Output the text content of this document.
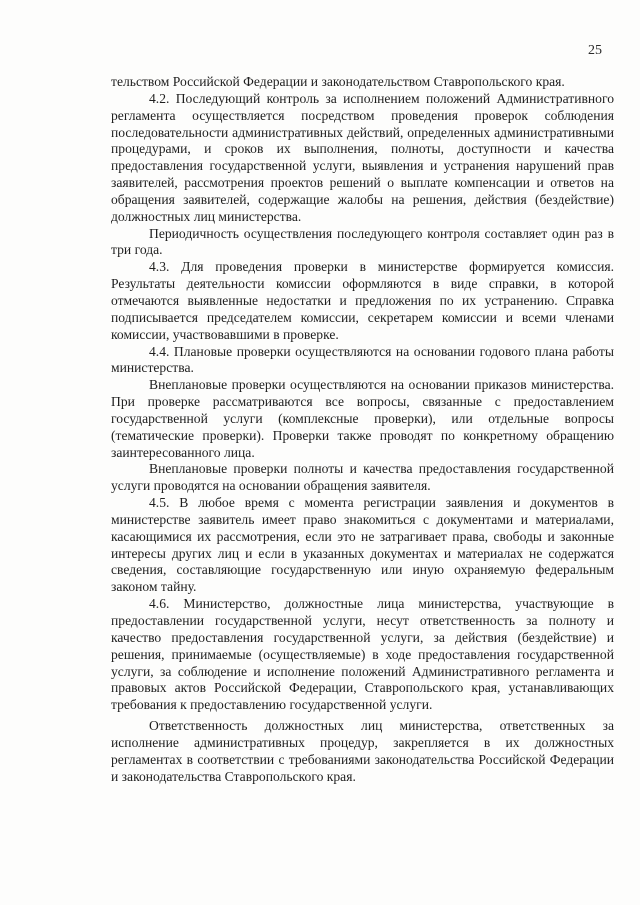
25

тельством Российской Федерации и законодательством Ставропольского края.

4.2. Последующий контроль за исполнением положений Административного регламента осуществляется посредством проведения проверок соблюдения последовательности административных действий, определенных административными процедурами, и сроков их выполнения, полноты, доступности и качества предоставления государственной услуги, выявления и устранения нарушений прав заявителей, рассмотрения проектов решений о выплате компенсации и ответов на обращения заявителей, содержащие жалобы на решения, действия (бездействие) должностных лиц министерства.

Периодичность осуществления последующего контроля составляет один раз в три года.

4.3. Для проведения проверки в министерстве формируется комиссия. Результаты деятельности комиссии оформляются в виде справки, в которой отмечаются выявленные недостатки и предложения по их устранению. Справка подписывается председателем комиссии, секретарем комиссии и всеми членами комиссии, участвовавшими в проверке.

4.4. Плановые проверки осуществляются на основании годового плана работы министерства.

Внеплановые проверки осуществляются на основании приказов министерства. При проверке рассматриваются все вопросы, связанные с предоставлением государственной услуги (комплексные проверки), или отдельные вопросы (тематические проверки). Проверки также проводят по конкретному обращению заинтересованного лица.

Внеплановые проверки полноты и качества предоставления государственной услуги проводятся на основании обращения заявителя.

4.5. В любое время с момента регистрации заявления и документов в министерстве заявитель имеет право знакомиться с документами и материалами, касающимися их рассмотрения, если это не затрагивает права, свободы и законные интересы других лиц и если в указанных документах и материалах не содержатся сведения, составляющие государственную или иную охраняемую федеральным законом тайну.

4.6. Министерство, должностные лица министерства, участвующие в предоставлении государственной услуги, несут ответственность за полноту и качество предоставления государственной услуги, за действия (бездействие) и решения, принимаемые (осуществляемые) в ходе предоставления государственной услуги, за соблюдение и исполнение положений Административного регламента и правовых актов Российской Федерации, Ставропольского края, устанавливающих требования к предоставлению государственной услуги.

Ответственность должностных лиц министерства, ответственных за исполнение административных процедур, закрепляется в их должностных регламентах в соответствии с требованиями законодательства Российской Федерации и законодательства Ставропольского края.
